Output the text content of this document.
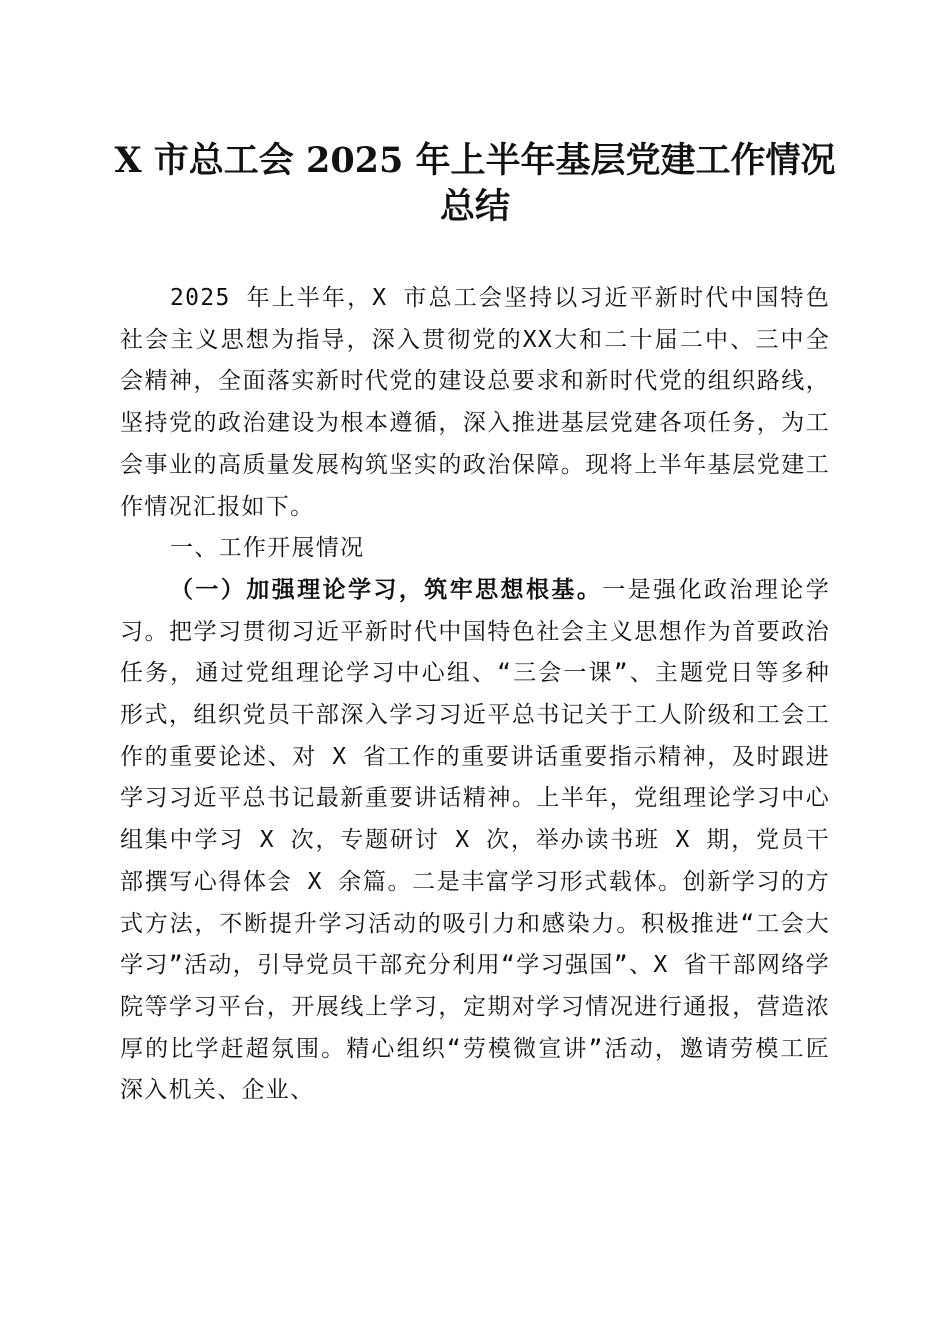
X 市总工会 2025 年上半年基层党建工作情况
总结

2025 年上半年，X 市总工会坚持以习近平新时代中国特色社会主义思想为指导，深入贯彻党的XX大和二十届二中、三中全会精神，全面落实新时代党的建设总要求和新时代党的组织路线，坚持党的政治建设为根本遵循，深入推进基层党建各项任务，为工会事业的高质量发展构筑坚实的政治保障。现将上半年基层党建工作情况汇报如下。

一、工作开展情况

（一）加强理论学习，筑牢思想根基。一是强化政治理论学习。把学习贯彻习近平新时代中国特色社会主义思想作为首要政治任务，通过党组理论学习中心组、“三会一课”、主题党日等多种形式，组织党员干部深入学习习近平总书记关于工人阶级和工会工作的重要论述、对 X 省工作的重要讲话重要指示精神，及时跟进学习习近平总书记最新重要讲话精神。上半年，党组理论学习中心组集中学习 X 次，专题研讨 X 次，举办读书班 X 期，党员干部撰写心得体会 X 余篇。二是丰富学习形式载体。创新学习的方式方法，不断提升学习活动的吸引力和感染力。积极推进“工会大学习”活动，引导党员干部充分利用“学习强国”、X 省干部网络学院等学习平台，开展线上学习，定期对学习情况进行通报，营造浓厚的比学赶超氛围。精心组织“劳模微宣讲”活动，邀请劳模工匠深入机关、企业、
